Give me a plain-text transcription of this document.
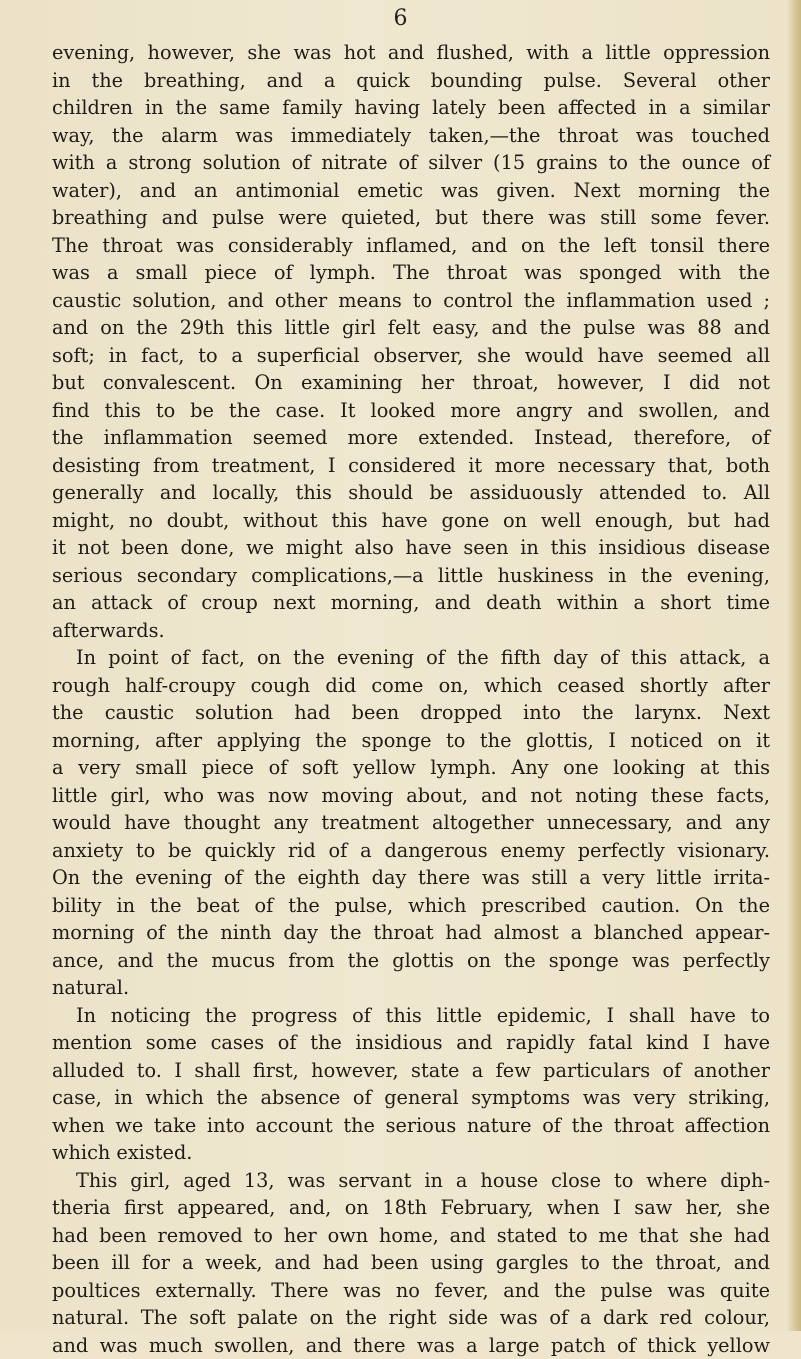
6
evening, however, she was hot and flushed, with a little oppression
in the breathing, and a quick bounding pulse. Several other
children in the same family having lately been affected in a similar
way, the alarm was immediately taken,—the throat was touched
with a strong solution of nitrate of silver (15 grains to the ounce of
water), and an antimonial emetic was given. Next morning the
breathing and pulse were quieted, but there was still some fever.
The throat was considerably inflamed, and on the left tonsil there
was a small piece of lymph. The throat was sponged with the
caustic solution, and other means to control the inflammation used ;
and on the 29th this little girl felt easy, and the pulse was 88 and
soft; in fact, to a superficial observer, she would have seemed all
but convalescent. On examining her throat, however, I did not
find this to be the case. It looked more angry and swollen, and
the inflammation seemed more extended. Instead, therefore, of
desisting from treatment, I considered it more necessary that, both
generally and locally, this should be assiduously attended to. All
might, no doubt, without this have gone on well enough, but had
it not been done, we might also have seen in this insidious disease
serious secondary complications,—a little huskiness in the evening,
an attack of croup next morning, and death within a short time
afterwards.
In point of fact, on the evening of the fifth day of this attack, a
rough half-croupy cough did come on, which ceased shortly after
the caustic solution had been dropped into the larynx. Next
morning, after applying the sponge to the glottis, I noticed on it
a very small piece of soft yellow lymph. Any one looking at this
little girl, who was now moving about, and not noting these facts,
would have thought any treatment altogether unnecessary, and any
anxiety to be quickly rid of a dangerous enemy perfectly visionary.
On the evening of the eighth day there was still a very little irrita-
bility in the beat of the pulse, which prescribed caution. On the
morning of the ninth day the throat had almost a blanched appear-
ance, and the mucus from the glottis on the sponge was perfectly
natural.
In noticing the progress of this little epidemic, I shall have to
mention some cases of the insidious and rapidly fatal kind I have
alluded to. I shall first, however, state a few particulars of another
case, in which the absence of general symptoms was very striking,
when we take into account the serious nature of the throat affection
which existed.
This girl, aged 13, was servant in a house close to where diph-
theria first appeared, and, on 18th February, when I saw her, she
had been removed to her own home, and stated to me that she had
been ill for a week, and had been using gargles to the throat, and
poultices externally. There was no fever, and the pulse was quite
natural. The soft palate on the right side was of a dark red colour,
and was much swollen, and there was a large patch of thick yellow
